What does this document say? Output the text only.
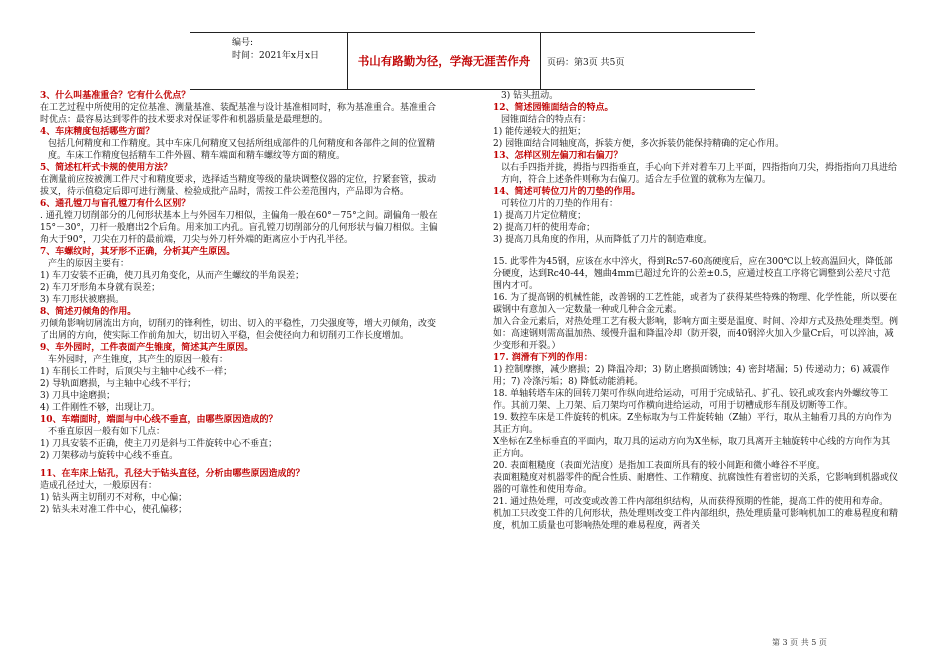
编号:
时间：2021年x月x日	书山有路勤为径，学海无涯苦作舟	页码：第3页 共5页

3、什么叫基准重合？它有什么优点？

在工艺过程中所使用的定位基准、测量基准、装配基准与设计基准相同时，称为基准重合。基准重合时优点：最容易达到零件的技术要求对保证零件和机器质量是最理想的。

4、车床精度包括哪些方面？

包括几何精度和工作精度。其中车床几何精度又包括所组成部件的几何精度和各部件之间的位置精度。车床工作精度包括精车工件外圆、精车端面和精车螺纹等方面的精度。

5、简述杠杆式卡规的使用方法？

在测量前应按被测工件尺寸和精度要求，选择适当精度等级的量块调整仪器的定位，拧紧套管，拔动拔叉，待示值稳定后即可进行测量、检验成批产品时，需按工件公差范围内，产品即为合格。

6、通孔镗刀与盲孔镗刀有什么区别？

. 通孔镗刀切削部分的几何形状基本上与外园车刀相似，主偏角一般在60°－75°之间。副偏角一般在15°－30°，刀杆一般磨出2个后角。用来加工内孔。盲孔镗刀切削部分的几何形状与偏刀相似。主偏角大于90°，刀尖在刀杆的最前端，刀尖与外刀杆外端的距离应小于内孔半径。

7、车螺纹时，其牙形不正确，分析其产生原因。

产生的原因主要有：

1) 车刀安装不正确，使刀具刃角变化，从而产生螺纹的半角误差；

2) 车刀牙形角本身就有误差；

3) 车刀形状被磨损。

8、简述刃倾角的作用。

刃倾角影响切屑流出方向，切削刃的锋利性，切出、切入的平稳性，刀尖强度等，增大刃倾角，改变了出屑的方向，使实际工作前角加大，切出切入平稳，但会使径向力和切削刃工作长度增加。

9、车外园时，工件表面产生锥度，简述其产生原因。

车外园时，产生锥度，其产生的原因一般有：

1) 车削长工件时，后顶尖与主轴中心线不一样；

2) 导轨面磨损，与主轴中心线不平行；

3) 刀具中途磨损；

4) 工件刚性不够，出现让刀。

10、车端面时，端面与中心线不垂直，由哪些原因造成的？

不垂直原因一般有如下几点：

1) 刀具安装不正确，使主刀刃是斜与工件旋转中心不垂直；

2) 刀架移动与旋转中心线不垂直。

11、在车床上钻孔，孔径大于钻头直径，分析由哪些原因造成的？

造成孔径过大，一般原因有：

1) 钻头两主切削刃不对称，中心偏；

2) 钻头未对准工件中心，使孔偏移；

3) 钻头扭动。

12、简述园锥面结合的特点。

园锥面结合的特点有：

1) 能传递较大的扭矩；

2) 园锥面结合同轴度高，拆装方便，多次拆装仍能保持精确的定心作用。

13、怎样区别左偏刀和右偏刀？

以右手四指并拢，拇指与四指垂直，手心向下并对着车刀上平面，四指指向刀尖，拇指指向刀具进给方向，符合上述条件则称为右偏刀。适合左手位置的就称为左偏刀。

14、简述可转位刀片的刀垫的作用。

可转位刀片的刀垫的作用有：

1) 提高刀片定位精度；

2) 提高刀杆的使用寿命；

3) 提高刀具角度的作用，从而降低了刀片的制造难度。

15. 此零件为45钢，应该在水中淬火，得到Rc57-60高硬度后，应在300℃以上较高温回火，降低部分硬度，达到Rc40-44，翘曲4mm已超过允许的公差±0.5，应通过校直工序将它调整到公差尺寸范围内才可。

16. 为了提高钢的机械性能，改善钢的工艺性能，或者为了获得某些特殊的物理、化学性能，所以要在碳钢中有意加入一定数量一种或几种合金元素。

加入合金元素后，对热处理工艺有极大影响，影响方面主要是温度、时间、冷却方式及热处理类型。例如：高速钢则需高温加热、缓慢升温和降温冷却（防开裂，而40钢淬火加入少量Cr后，可以淬油，减少变形和开裂。）

17. 润滑有下列的作用：

1) 控制摩擦，减少磨损；2) 降温冷却；3) 防止磨损面锈蚀；4) 密封堵漏；5) 传递动力；6) 减震作用；7) 冷涤污垢；8) 降低动能消耗。

18. 单轴转塔车床的回转刀架可作纵向进给运动，可用于完成钻孔、扩孔、铰孔或攻套内外螺纹等工作。其前刀架、上刀架、后刀架均可作横向进给运动，可用于切槽成形车削及切断等工作。

19. 数控车床是工件旋转的机床。Z坐标取为与工件旋转轴（Z轴）平行，取从主轴看刀具的方向作为其正方向。

X坐标在Z坐标垂直的平面内，取刀具的运动方向为X坐标，取刀具离开主轴旋转中心线的方向作为其正方向。

20. 表面粗糙度（表面光洁度）是指加工表面所具有的较小间距和微小峰谷不平度。

表面粗糙度对机器零件的配合性质、耐磨性、工作精度、抗腐蚀性有着密切的关系，它影响到机器或仪器的可靠性和使用寿命。

21. 通过热处理，可改变或改善工件内部组织结构，从而获得预期的性能，提高工件的使用和寿命。

机加工只改变工件的几何形状，热处理则改变工件内部组织，热处理质量可影响机加工的难易程度和精度，机加工质量也可影响热处理的难易程度，两者关

第 3 页 共 5 页
